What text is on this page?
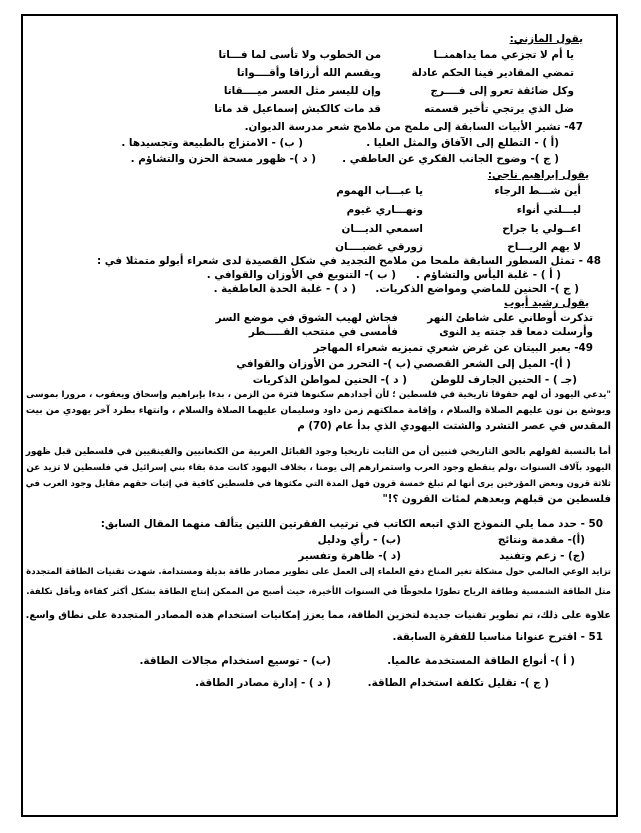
يقول المازني:
يا أم لا تجزعي مما يداهمنــا
من الخطوب ولا تأسى لما فـــاتا
تمضي المقادير فينا الحكم عادلة
ويقسم الله أرزاقا وأقــــواتا
وكل ضائقة تعرو إلى فــــرج
وإن لليسر مثل العسر ميــــقاتا
ضل الذي يرتجي تأخير قسمته
قد مات كالكبش إسماعيل قد ماتا
47- تشير الأبيات السابقة إلى ملمح من ملامح شعر مدرسة الديوان.
(أ ) - التطلع إلى الآفاق والمثل العليا .
( ب) - الامتزاج بالطبيعة وتجسيدها .
( ج )- وضوح الجانب الفكري عن العاطفي .
( د )- ظهور مسحة الحزن والتشاؤم .
يقول إبراهيم ناجي:
أين شـــط الرجاء
يا عبـــاب الهموم
ليـــلتي أنواء
ونهـــاري غيوم
اعــولي يا جراح
اسمعي الديـــان
لا يهم الريـــاح
زورقي غضبــــان
48 - تمثل السطور السابقة ملمحا من ملامح التجديد في شكل القصيدة لدى شعراء أبولو متمثلا في :
( أ ) - غلبة اليأس والتشاؤم .
( ب )- التنويع في الأوزان والقوافي .
( ج )- الحنين للماضي ومواضع الذكريات.
( د ) - غلبة الحدة العاطفية .
يقول رشيد أيوب
تذكرت أوطاني على شاطئ النهر
فجاش لهيب الشوق في موضع السر
وأرسلت دمعا قد جنته يد النوى
فأمسى في منتحب القـــــطر
49- يعبر البيتان عن غرض شعري تميزيه شعراء المهاجر
( أ)- الميل إلى الشعر القصصي
(ب )- التحرر من الأوزان والقوافي
(جـ ) - الحنين الجارف للوطن
( د )- الحنين لمواطن الذكريات
"يدعي اليهود أن لهم حقوقا تاريخية في فلسطين ؛ لأن أجدادهم سكنوها فترة من الزمن ، بدءا بإبراهيم وإسحاق ويعقوب ، مرورا بموسى
ويوشع بن نون عليهم الصلاة والسلام ، وإقامة مملكتهم زمن داود وسليمان عليهما الصلاة والسلام ، وانتهاء بطرد آخر يهودي من بيت
المقدس في عصر التشرد والشتت اليهودي الذي بدأ عام (70) م
أما بالنسبة لقولهم بالحق التاريخي فنبين أن من الثابت تاريخيا وجود القبائل العربية من الكنعانيين والفينقيين في فلسطين قبل ظهور
اليهود بآلاف السنوات ،ولم ينقطع وجود العرب واستمرارهم إلى يومنا ، بخلاف اليهود كانت مدة بقاء بني إسرائيل في فلسطين لا تزيد عن
ثلاثة قرون وبعض المؤرخين يرى أنها لم تبلغ خمسة قرون فهل المدة التي مكثوها في فلسطين كافية في إثبات حقهم مقابل وجود العرب في
فلسطين من قبلهم وبعدهم لمئات القرون ؟!"
50 - حدد مما يلي النموذج الذي اتبعه الكاتب في ترتيب الفقرتين اللتين يتألف منهما المقال السابق:
(أ)- مقدمة ونتائج
(ب) - رأي ودليل
(ج) - زعم وتفنيد
(د )- ظاهرة وتفسير
تزايد الوعي العالمي حول مشكلة تغير المناخ دفع العلماء إلى العمل على تطوير مصادر طاقة بديلة ومستدامة. شهدت تقنيات الطاقة المتجددة
مثل الطاقة الشمسية وطاقة الرياح تطورًا ملحوظًا في السنوات الأخيرة، حيث أصبح من الممكن إنتاج الطاقة بشكل أكثر كفاءة وبأقل تكلفة.
علاوة على ذلك، تم تطوير تقنيات جديدة لتخزين الطاقة، مما يعزز إمكانيات استخدام هذه المصادر المتجددة على نطاق واسع.
51 - اقترح عنوانا مناسبا للفقرة السابقة.
( أ )- أنواع الطاقة المستخدمة عالميا.
(ب) - توسيع استخدام مجالات الطاقة.
( ج )- تقليل تكلفة استخدام الطاقة.
( د ) - إدارة مصادر الطاقة.
